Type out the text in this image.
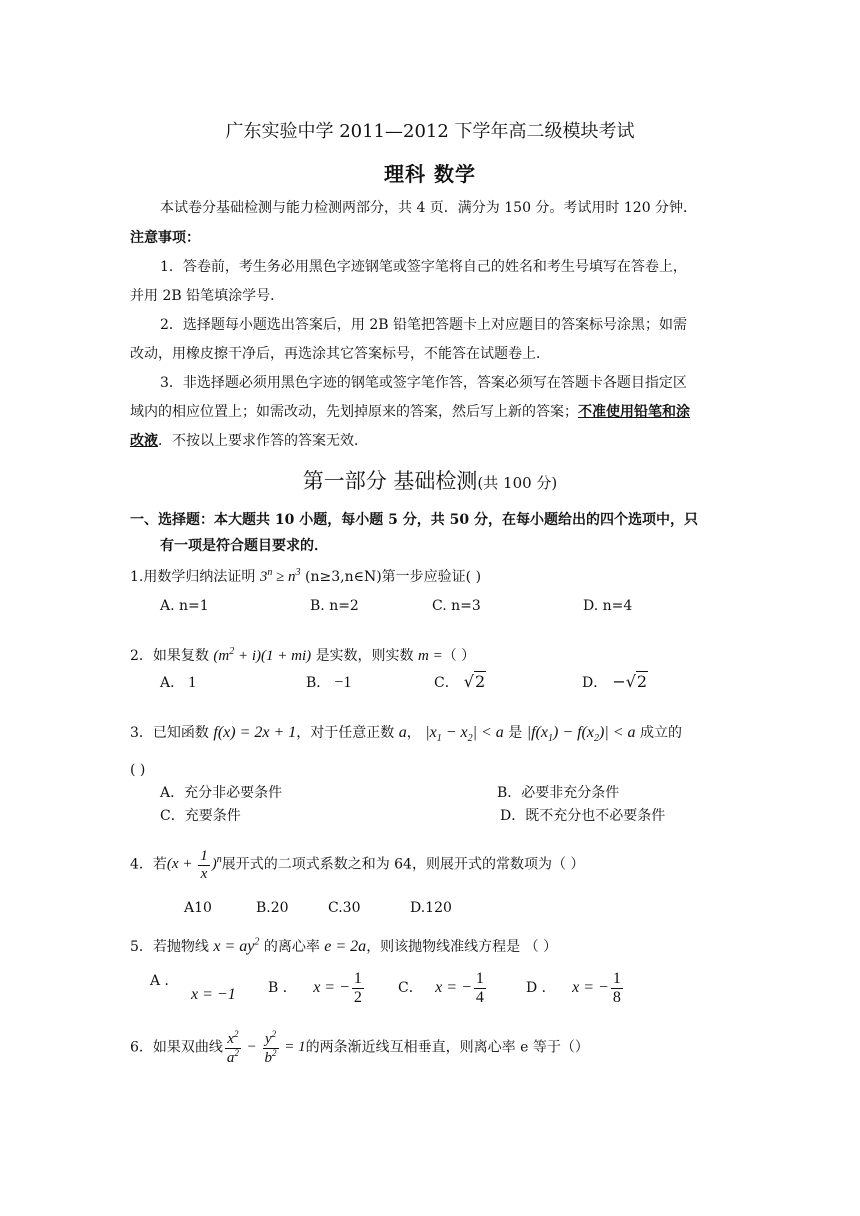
广东实验中学 2011—2012 下学年高二级模块考试
理科 数学
本试卷分基础检测与能力检测两部分，共 4 页．满分为 150 分。考试用时 120 分钟．
注意事项：
1．答卷前，考生务必用黑色字迹钢笔或签字笔将自己的姓名和考生号填写在答卷上，
并用 2B 铅笔填涂学号．
2．选择题每小题选出答案后，用 2B 铅笔把答题卡上对应题目的答案标号涂黑；如需
改动，用橡皮擦干净后，再选涂其它答案标号，不能答在试题卷上．
3．非选择题必须用黑色字迹的钢笔或签字笔作答，答案必须写在答题卡各题目指定区
域内的相应位置上；如需改动，先划掉原来的答案，然后写上新的答案；不准使用铅笔和涂
改液．不按以上要求作答的答案无效．
第一部分 基础检测(共 100 分)
一、选择题：本大题共 10 小题，每小题 5 分，共 50 分，在每小题给出的四个选项中，只
有一项是符合题目要求的．
1.用数学归纳法证明 $3^n \ge n^3$ (n≥3,n∈N)第一步应验证( )
A. n=1	B. n=2	C. n=3	D. n=4
2．如果复数 $(m^2 + i)(1 + mi)$ 是实数，则实数 m =（ ）
A． 1	B． −1	C． √2	D． −√2
3．已知函数 f(x) = 2x + 1，对于任意正数 a， $|x_1 - x_2| < a$ 是 $|f(x_1) - f(x_2)| < a$ 成立的
( )
A．充分非必要条件	B．必要非充分条件
C．充要条件	D．既不充分也不必要条件
4．若$(x + \frac{1}{x} )^n$展开式的二项式系数之和为 64，则展开式的常数项为（ ）
A10	B.20	C.30	D.120
5．若抛物线 $x = ay^2$ 的离心率 e = 2a，则该抛物线准线方程是 （ ）
A ．   x = −1 B ．    x = − $\frac{1}{2}$ C．   x = − $\frac{1}{4}$	D ．    x = − $\frac{1}{8}$
6．如果双曲线 $\frac{x^2}{a^2} - \frac{y^2}{b^2} = 1$的两条渐近线互相垂直，则离心率 e 等于（）
